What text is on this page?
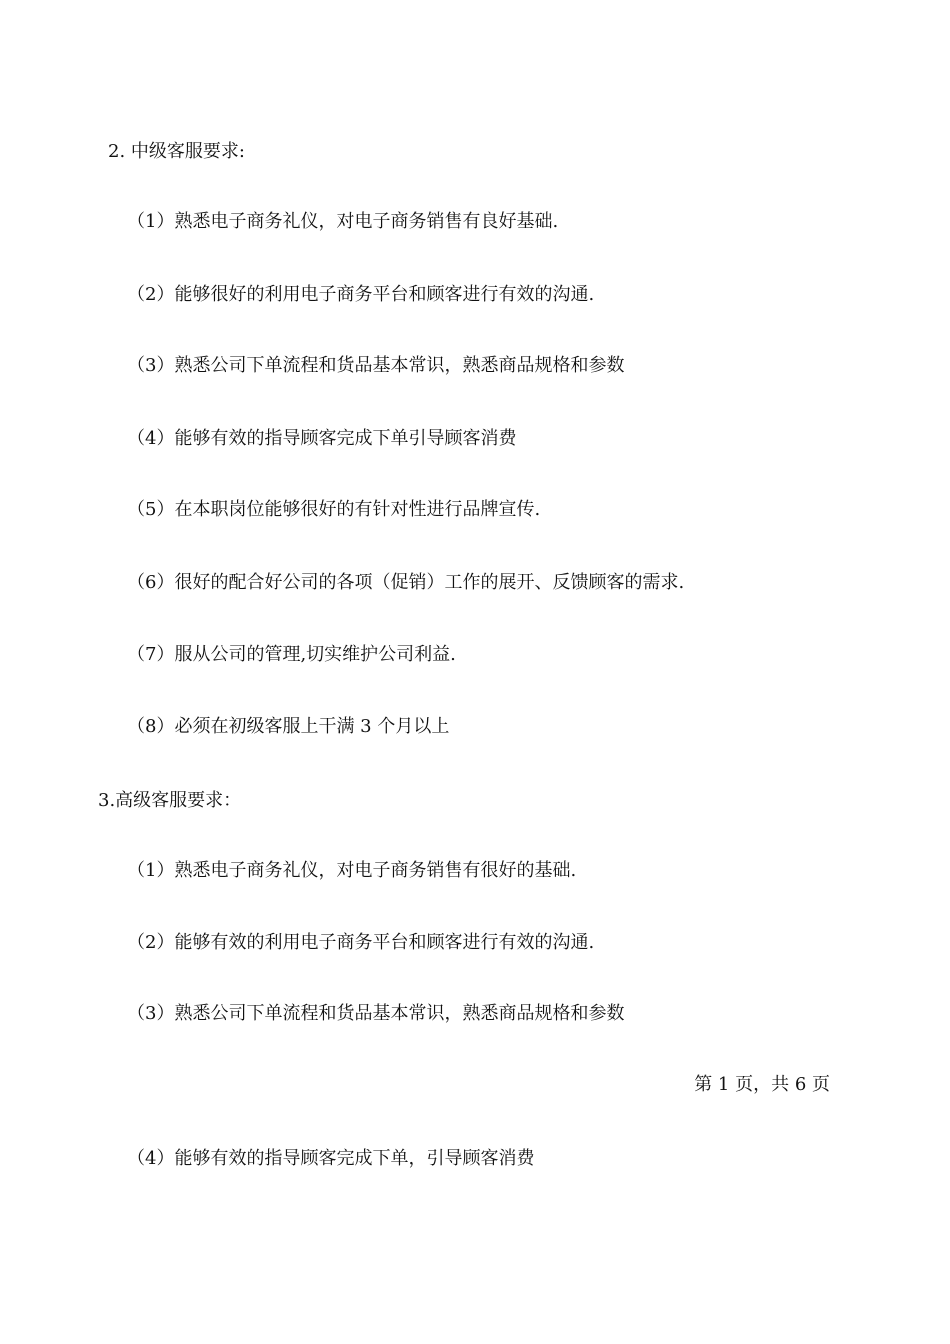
2. 中级客服要求:
（1）熟悉电子商务礼仪，对电子商务销售有良好基础.
（2）能够很好的利用电子商务平台和顾客进行有效的沟通.
（3）熟悉公司下单流程和货品基本常识，熟悉商品规格和参数
（4）能够有效的指导顾客完成下单引导顾客消费
（5）在本职岗位能够很好的有针对性进行品牌宣传.
（6）很好的配合好公司的各项（促销）工作的展开、反馈顾客的需求.
（7）服从公司的管理,切实维护公司利益.
（8）必须在初级客服上干满 3 个月以上
3.高级客服要求：
（1）熟悉电子商务礼仪，对电子商务销售有很好的基础.
（2）能够有效的利用电子商务平台和顾客进行有效的沟通.
（3）熟悉公司下单流程和货品基本常识，熟悉商品规格和参数
第 1 页，共 6 页
（4）能够有效的指导顾客完成下单，引导顾客消费
